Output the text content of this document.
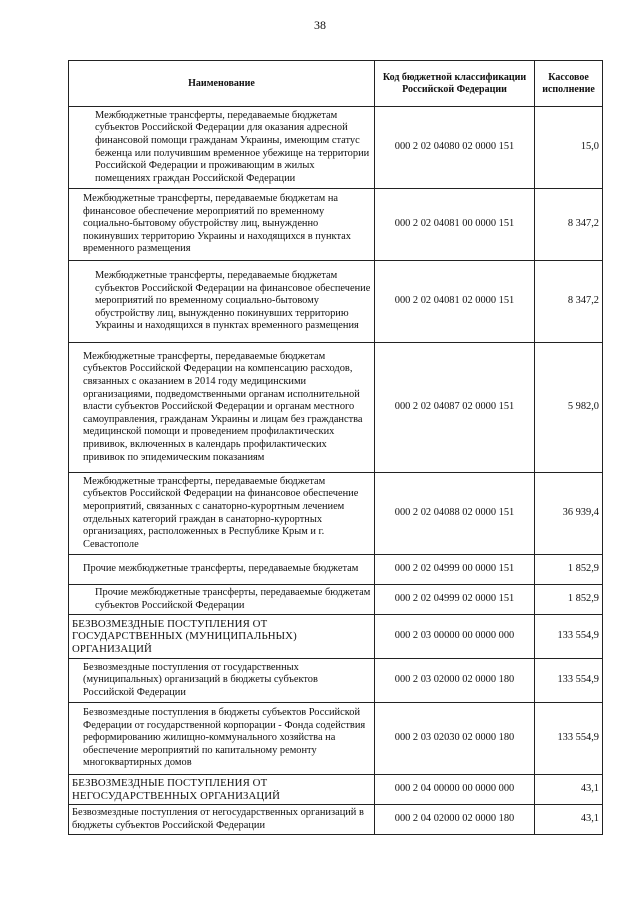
38
Наименование	Код бюджетной классификации Российской Федерации	Кассовое исполнение
Межбюджетные трансферты, передаваемые бюджетам субъектов Российской Федерации для оказания адресной финансовой помощи гражданам Украины, имеющим статус беженца или получившим временное убежище на территории Российской Федерации и проживающим в жилых помещениях граждан Российской Федерации	000 2 02 04080 02 0000 151	15,0
Межбюджетные трансферты, передаваемые бюджетам на финансовое обеспечение мероприятий по временному социально-бытовому обустройству лиц, вынужденно покинувших территорию Украины и находящихся в пунктах временного размещения	000 2 02 04081 00 0000 151	8 347,2
Межбюджетные трансферты, передаваемые бюджетам субъектов Российской Федерации на финансовое обеспечение мероприятий по временному социально-бытовому обустройству лиц, вынужденно покинувших территорию Украины и находящихся в пунктах временного размещения	000 2 02 04081 02 0000 151	8 347,2
Межбюджетные трансферты, передаваемые бюджетам субъектов Российской Федерации на компенсацию расходов, связанных с оказанием в 2014 году медицинскими организациями, подведомственными органам исполнительной власти субъектов Российской Федерации и органам местного самоуправления, гражданам Украины и лицам без гражданства медицинской помощи и проведением профилактических прививок, включенных в календарь профилактических прививок по эпидемическим показаниям	000 2 02 04087 02 0000 151	5 982,0
Межбюджетные трансферты, передаваемые бюджетам субъектов Российской Федерации на финансовое обеспечение мероприятий, связанных с санаторно-курортным лечением отдельных категорий граждан в санаторно-курортных организациях, расположенных в Республике Крым и г. Севастополе	000 2 02 04088 02 0000 151	36 939,4
Прочие межбюджетные трансферты, передаваемые бюджетам	000 2 02 04999 00 0000 151	1 852,9
Прочие межбюджетные трансферты, передаваемые бюджетам субъектов Российской Федерации	000 2 02 04999 02 0000 151	1 852,9
БЕЗВОЗМЕЗДНЫЕ ПОСТУПЛЕНИЯ ОТ ГОСУДАРСТВЕННЫХ (МУНИЦИПАЛЬНЫХ) ОРГАНИЗАЦИЙ	000 2 03 00000 00 0000 000	133 554,9
Безвозмездные поступления от государственных (муниципальных) организаций в бюджеты субъектов Российской Федерации	000 2 03 02000 02 0000 180	133 554,9
Безвозмездные поступления в бюджеты субъектов Российской Федерации от государственной корпорации - Фонда содействия реформированию жилищно-коммунального хозяйства на обеспечение мероприятий по капитальному ремонту многоквартирных домов	000 2 03 02030 02 0000 180	133 554,9
БЕЗВОЗМЕЗДНЫЕ ПОСТУПЛЕНИЯ ОТ НЕГОСУДАРСТВЕННЫХ ОРГАНИЗАЦИЙ	000 2 04 00000 00 0000 000	43,1
Безвозмездные поступления от негосударственных организаций в бюджеты субъектов Российской Федерации	000 2 04 02000 02 0000 180	43,1
